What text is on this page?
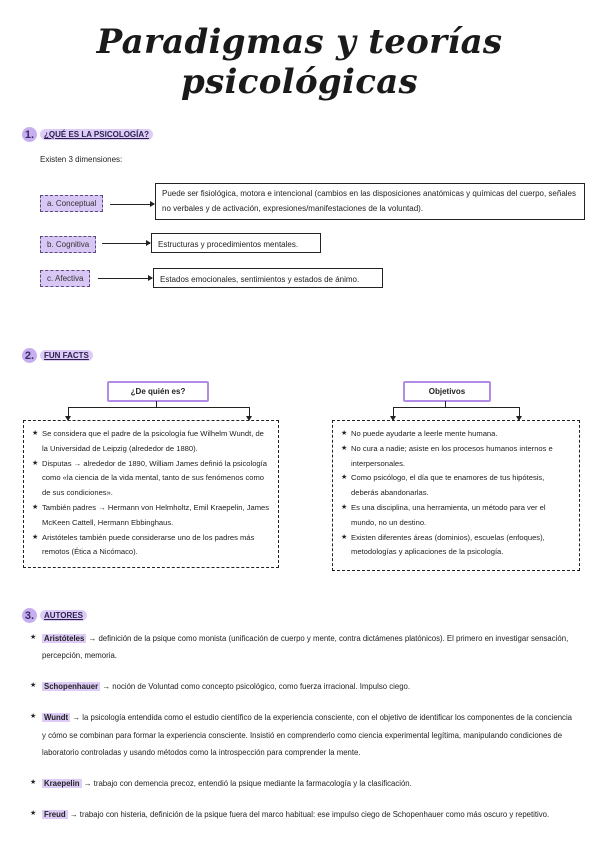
Paradigmas y teorías psicológicas
1.	¿QUÉ ES LA PSICOLOGÍA?
Existen 3 dimensiones:
a. Conceptual
Puede ser fisiológica, motora e intencional (cambios en las disposiciones anatómicas y químicas del cuerpo, señales no verbales y de activación, expresiones/manifestaciones de la voluntad).
b. Cognitiva	Estructuras y procedimientos mentales.
c. Afectiva	Estados emocionales, sentimientos y estados de ánimo.
2.	FUN FACTS
¿De quién es?
★ Se considera que el padre de la psicología fue Wilhelm Wundt, de la Universidad de Leipzig (alrededor de 1880).
★ Disputas → alrededor de 1890, William James definió la psicología como «la ciencia de la vida mental, tanto de sus fenómenos como de sus condiciones».
★ También padres → Hermann von Helmholtz, Emil Kraepelin, James McKeen Cattell, Hermann Ebbinghaus.
★ Aristóteles también puede considerarse uno de los padres más remotos (Ética a Nicómaco).
Objetivos
★ No puede ayudarte a leerle mente humana.
★ No cura a nadie; asiste en los procesos humanos internos e interpersonales.
★ Como psicólogo, el día que te enamores de tus hipótesis, deberás abandonarlas.
★ Es una disciplina, una herramienta, un método para ver el mundo, no un destino.
★ Existen diferentes áreas (dominios), escuelas (enfoques), metodologías y aplicaciones de la psicología.
3.	AUTORES
★ Aristóteles → definición de la psique como monista (unificación de cuerpo y mente, contra dictámenes platónicos). El primero en investigar sensación, percepción, memoria.
★ Schopenhauer → noción de Voluntad como concepto psicológico, como fuerza irracional. Impulso ciego.
★ Wundt → la psicología entendida como el estudio científico de la experiencia consciente, con el objetivo de identificar los componentes de la conciencia y cómo se combinan para formar la experiencia consciente. Insistió en comprenderlo como ciencia experimental legítima, manipulando condiciones de laboratorio controladas y usando métodos como la introspección para comprender la mente.
★ Kraepelin → trabajo con demencia precoz, entendió la psique mediante la farmacología y la clasificación.
★ Freud → trabajo con histeria, definición de la psique fuera del marco habitual: ese impulso ciego de Schopenhauer como más oscuro y repetitivo.
